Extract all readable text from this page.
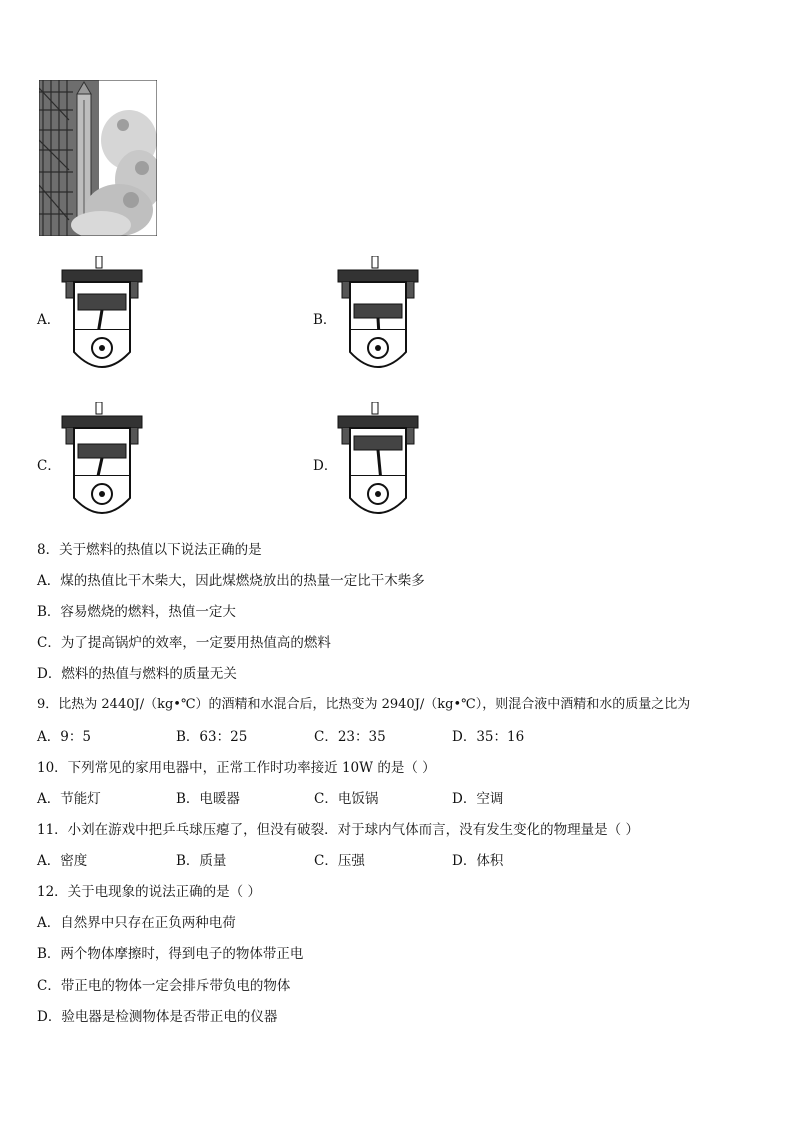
A．	B．
C．	D．
8．关于燃料的热值以下说法正确的是
A．煤的热值比干木柴大，因此煤燃烧放出的热量一定比干木柴多
B．容易燃烧的燃料，热值一定大
C．为了提高锅炉的效率，一定要用热值高的燃料
D．燃料的热值与燃料的质量无关
9．比热为 2440J/（kg•℃）的酒精和水混合后，比热变为 2940J/（kg•℃），则混合液中酒精和水的质量之比为
A．9：5	B．63：25	C．23：35	D．35：16
10．下列常见的家用电器中，正常工作时功率接近 10W 的是（ ）
A．节能灯	B．电暖器	C．电饭锅	D．空调
11．小刘在游戏中把乒乓球压瘪了，但没有破裂．对于球内气体而言，没有发生变化的物理量是（ ）
A．密度	B．质量	C．压强	D．体积
12．关于电现象的说法正确的是（ ）
A．自然界中只存在正负两种电荷
B．两个物体摩擦时，得到电子的物体带正电
C．带正电的物体一定会排斥带负电的物体
D．验电器是检测物体是否带正电的仪器
